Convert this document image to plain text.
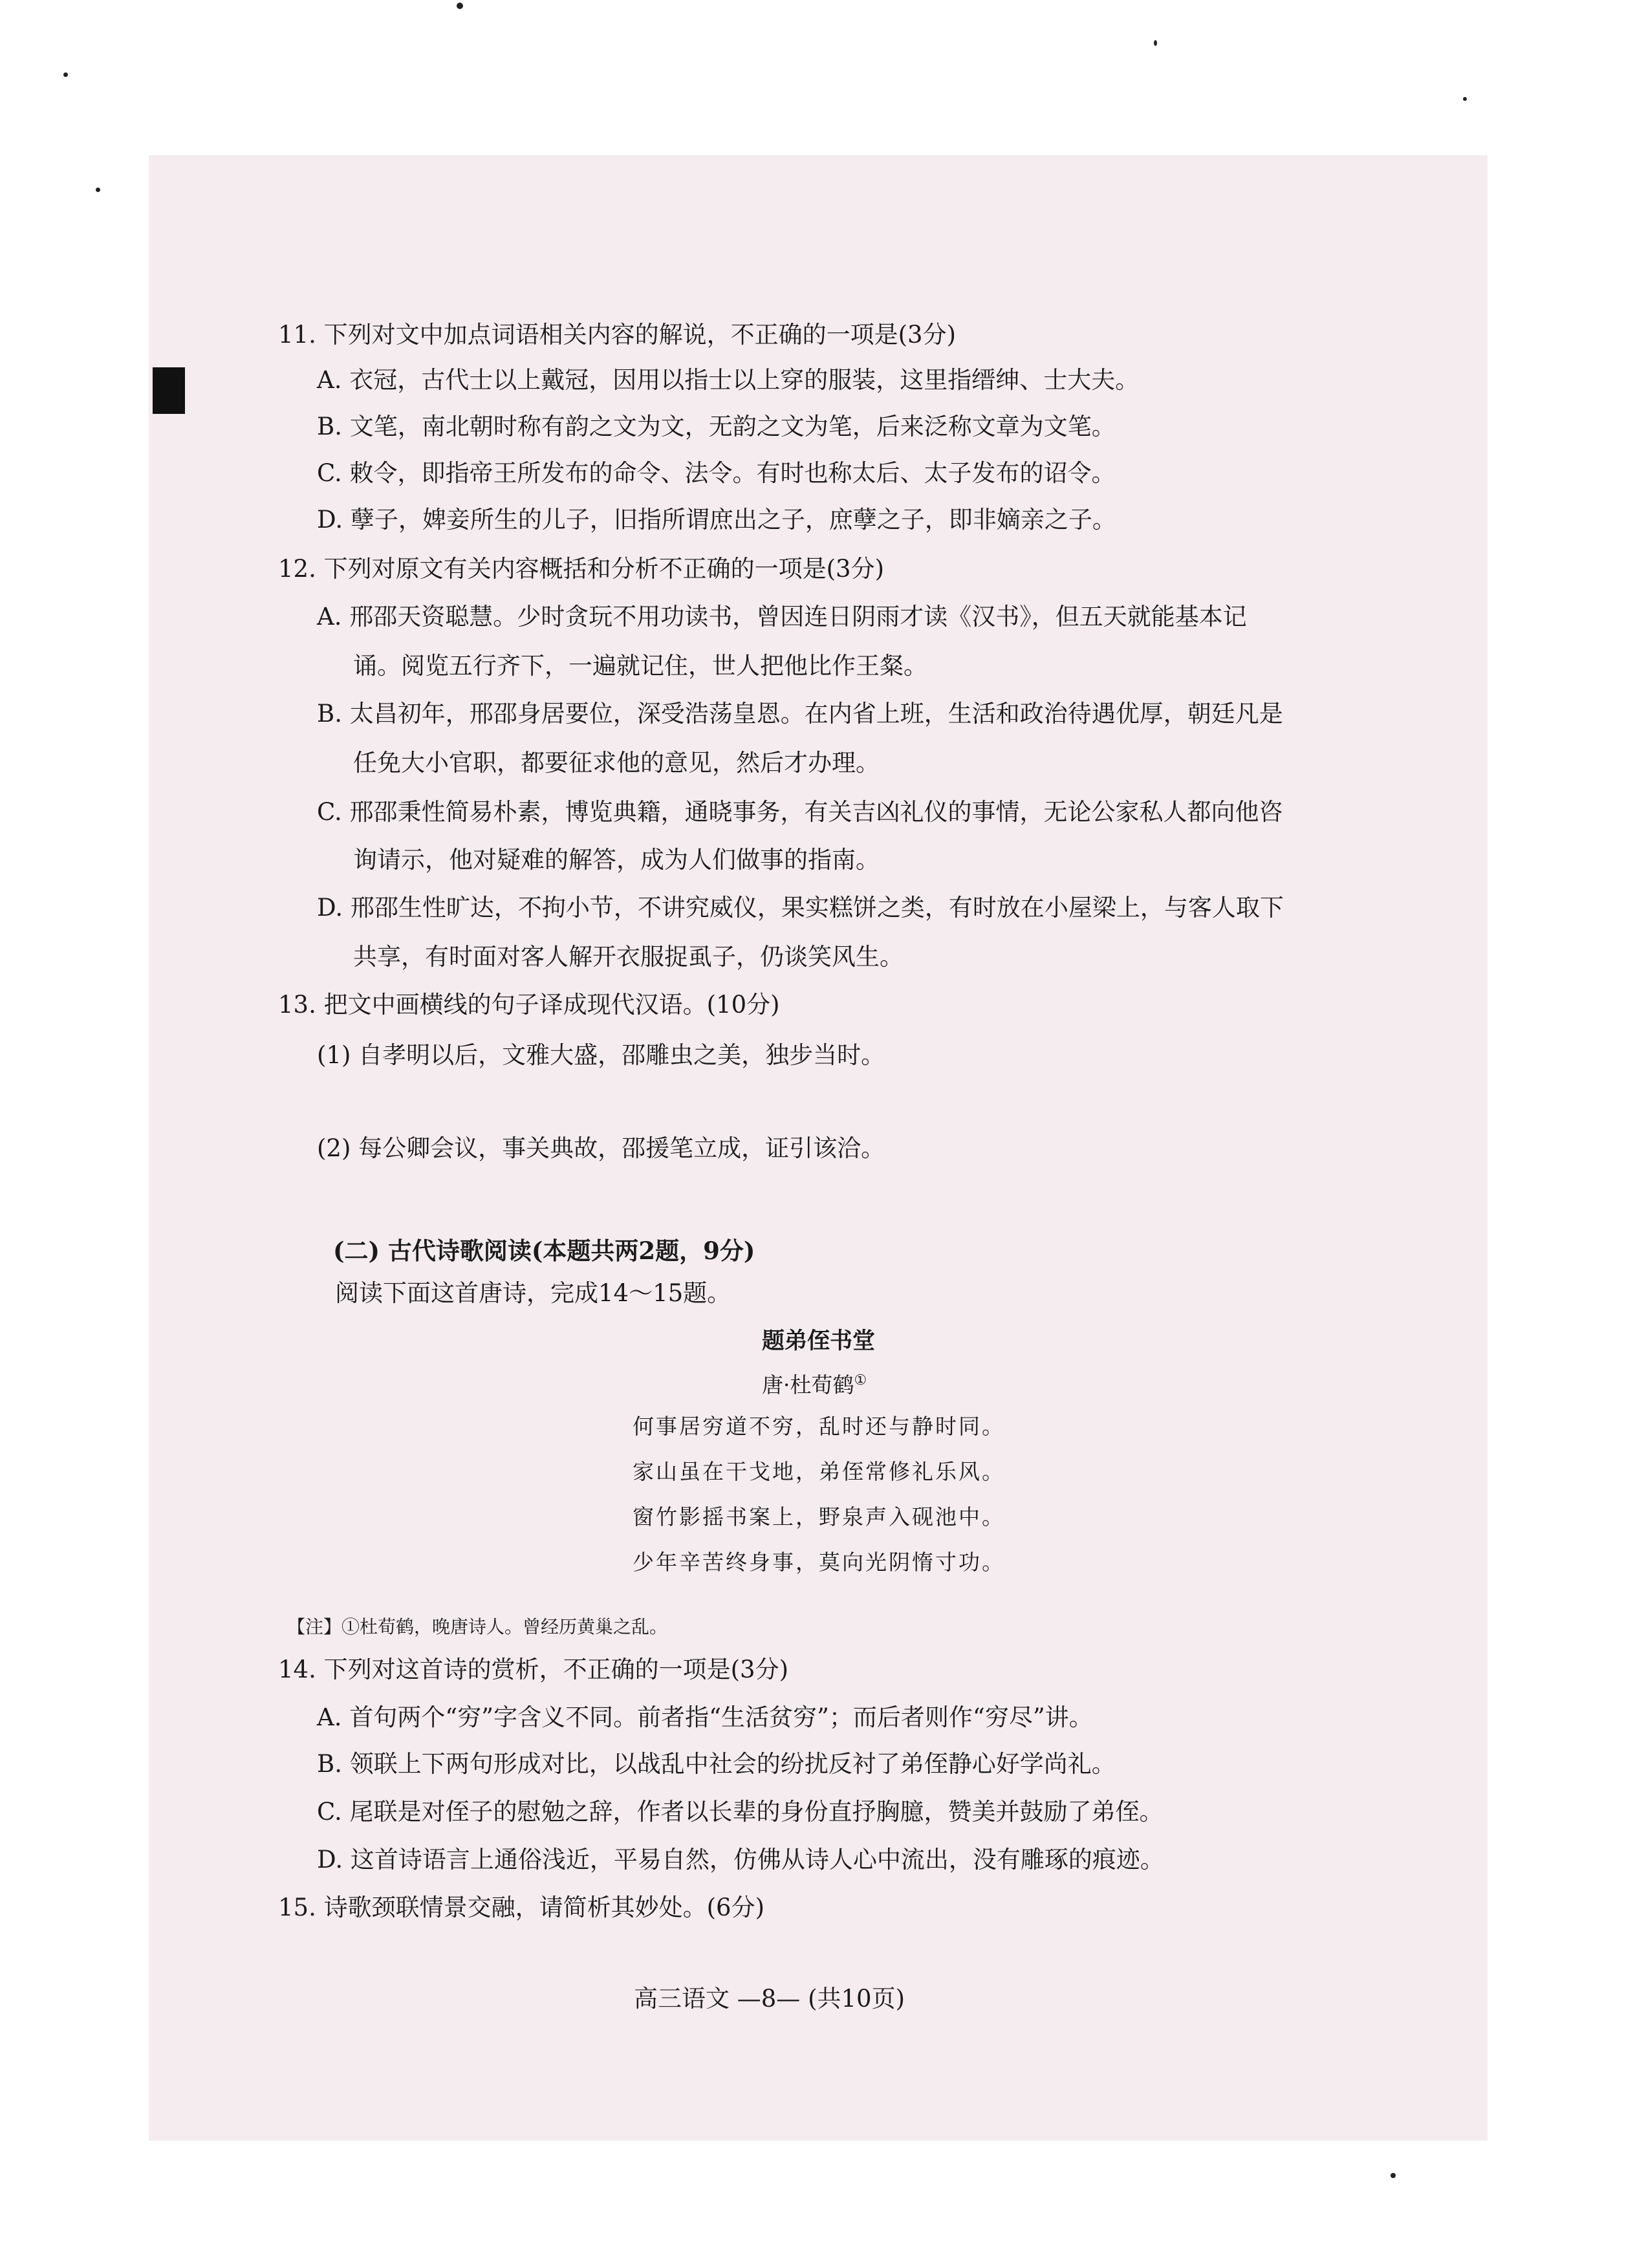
11. 下列对文中加点词语相关内容的解说，不正确的一项是(3分)
A. 衣冠，古代士以上戴冠，因用以指士以上穿的服装，这里指缙绅、士大夫。
B. 文笔，南北朝时称有韵之文为文，无韵之文为笔，后来泛称文章为文笔。
C. 敕令，即指帝王所发布的命令、法令。有时也称太后、太子发布的诏令。
D. 孽子，婢妾所生的儿子，旧指所谓庶出之子，庶孽之子，即非嫡亲之子。
12. 下列对原文有关内容概括和分析不正确的一项是(3分)
A. 邢邵天资聪慧。少时贪玩不用功读书，曾因连日阴雨才读《汉书》，但五天就能基本记
诵。阅览五行齐下，一遍就记住，世人把他比作王粲。
B. 太昌初年，邢邵身居要位，深受浩荡皇恩。在内省上班，生活和政治待遇优厚，朝廷凡是
任免大小官职，都要征求他的意见，然后才办理。
C. 邢邵秉性简易朴素，博览典籍，通晓事务，有关吉凶礼仪的事情，无论公家私人都向他咨
询请示，他对疑难的解答，成为人们做事的指南。
D. 邢邵生性旷达，不拘小节，不讲究威仪，果实糕饼之类，有时放在小屋梁上，与客人取下
共享，有时面对客人解开衣服捉虱子，仍谈笑风生。
13. 把文中画横线的句子译成现代汉语。(10分)
(1) 自孝明以后，文雅大盛，邵雕虫之美，独步当时。
(2) 每公卿会议，事关典故，邵援笔立成，证引该洽。
(二) 古代诗歌阅读(本题共两2题，9分)
阅读下面这首唐诗，完成14～15题。
题弟侄书堂
唐·杜荀鹤①
何事居穷道不穷，乱时还与静时同。
家山虽在干戈地，弟侄常修礼乐风。
窗竹影摇书案上，野泉声入砚池中。
少年辛苦终身事，莫向光阴惰寸功。
【注】①杜荀鹤，晚唐诗人。曾经历黄巢之乱。
14. 下列对这首诗的赏析，不正确的一项是(3分)
A. 首句两个“穷”字含义不同。前者指“生活贫穷”；而后者则作“穷尽”讲。
B. 领联上下两句形成对比，以战乱中社会的纷扰反衬了弟侄静心好学尚礼。
C. 尾联是对侄子的慰勉之辞，作者以长辈的身份直抒胸臆，赞美并鼓励了弟侄。
D. 这首诗语言上通俗浅近，平易自然，仿佛从诗人心中流出，没有雕琢的痕迹。
15. 诗歌颈联情景交融，请简析其妙处。(6分)
高三语文 —8— (共10页)
